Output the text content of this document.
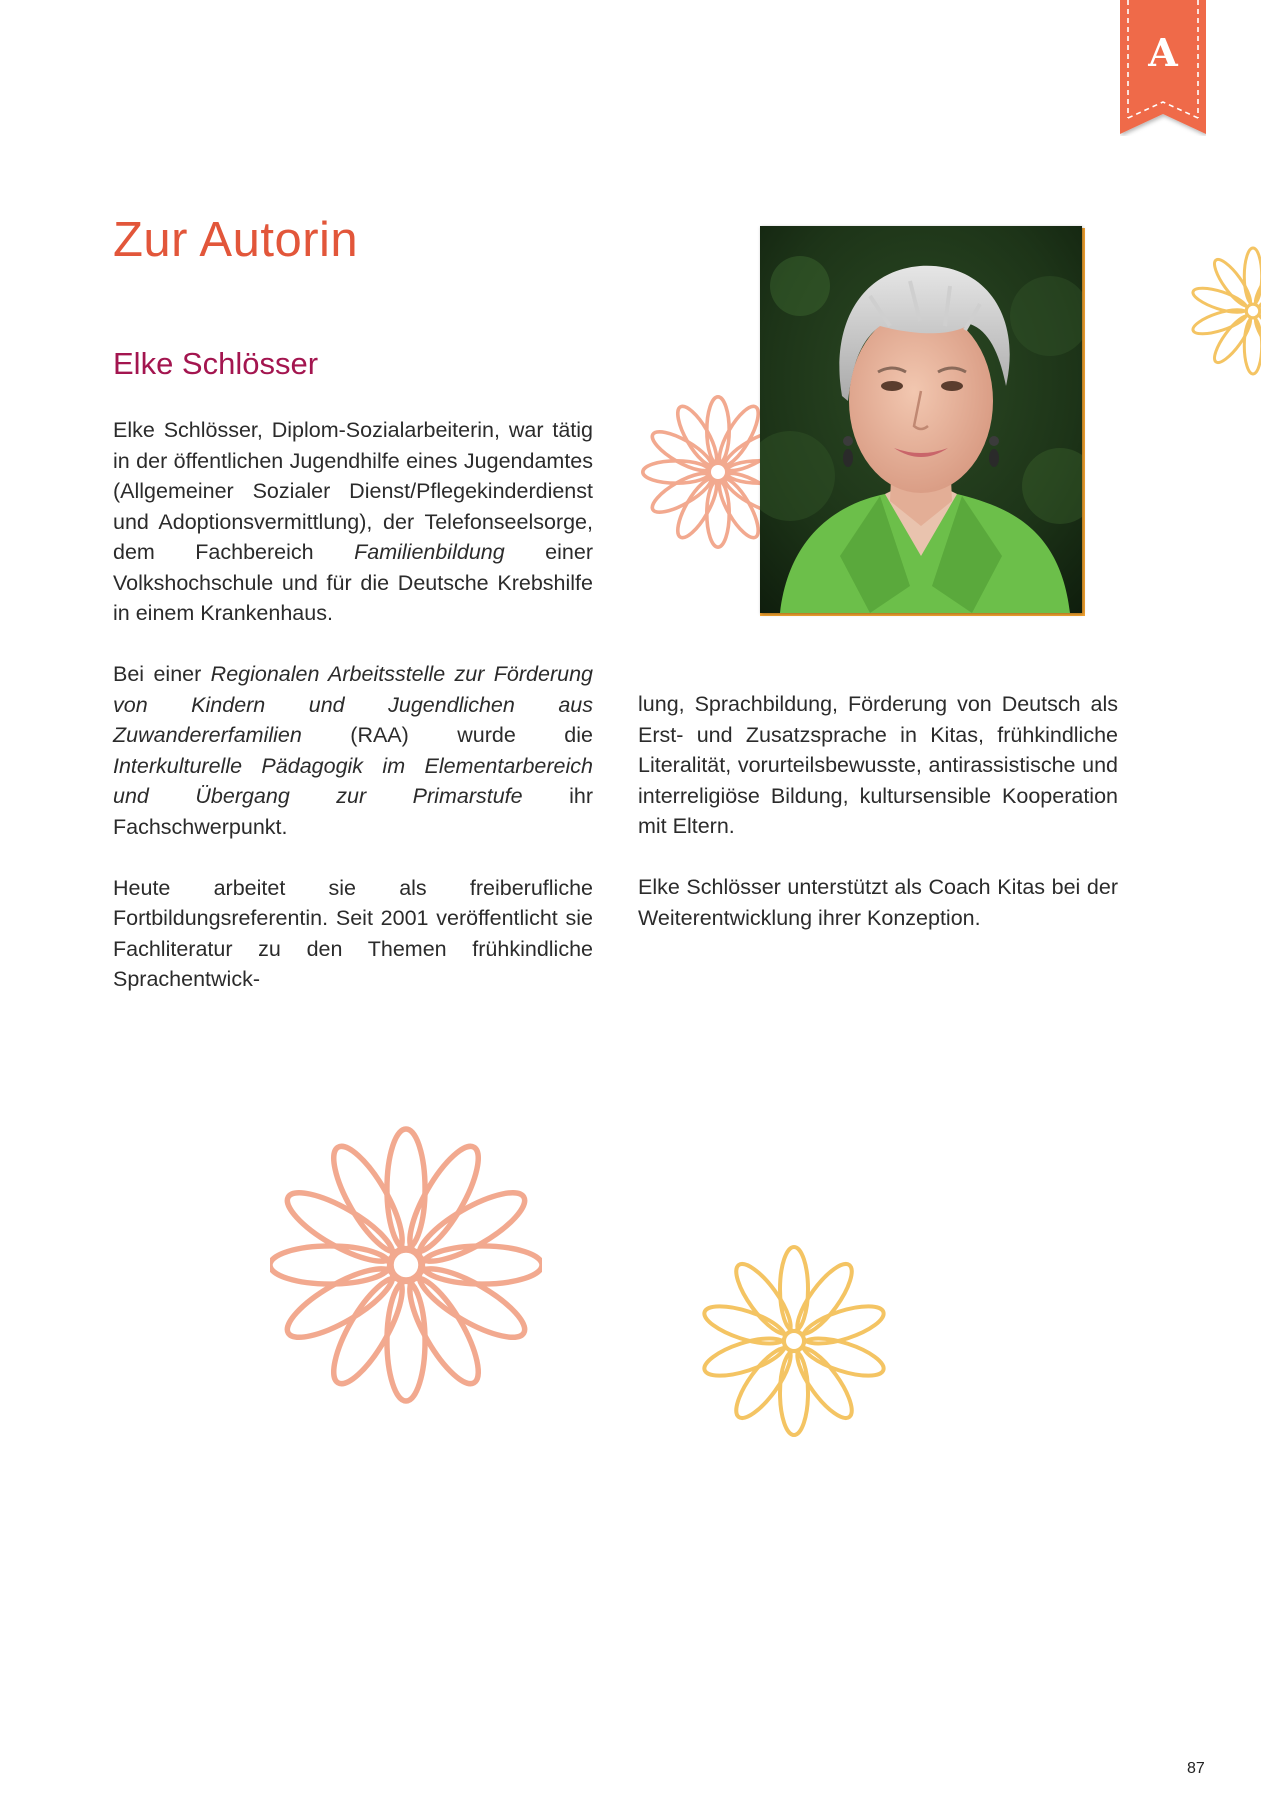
A
Zur Autorin
Elke Schlösser

Elke Schlösser, Diplom-Sozialarbeiterin, war tätig in der öffentlichen Jugendhilfe eines Jugendamtes (Allgemeiner Sozialer Dienst/Pflegekinderdienst und Adoptionsvermittlung), der Telefonseelsorge, dem Fachbereich Familienbildung einer Volkshochschule und für die Deutsche Krebshilfe in einem Krankenhaus.

Bei einer Regionalen Arbeitsstelle zur Förderung von Kindern und Jugendlichen aus Zuwandererfamilien (RAA) wurde die Interkulturelle Pädagogik im Elementarbereich und Übergang zur Primarstufe ihr Fachschwerpunkt.

Heute arbeitet sie als freiberufliche Fortbildungsreferentin. Seit 2001 veröffentlicht sie Fachliteratur zu den Themen frühkindliche Sprachentwick-

lung, Sprachbildung, Förderung von Deutsch als Erst- und Zusatzsprache in Kitas, frühkindliche Literalität, vorurteilsbewusste, antirassistische und interreligiöse Bildung, kultursensible Kooperation mit Eltern.

Elke Schlösser unterstützt als Coach Kitas bei der Weiterentwicklung ihrer Konzeption.

87
